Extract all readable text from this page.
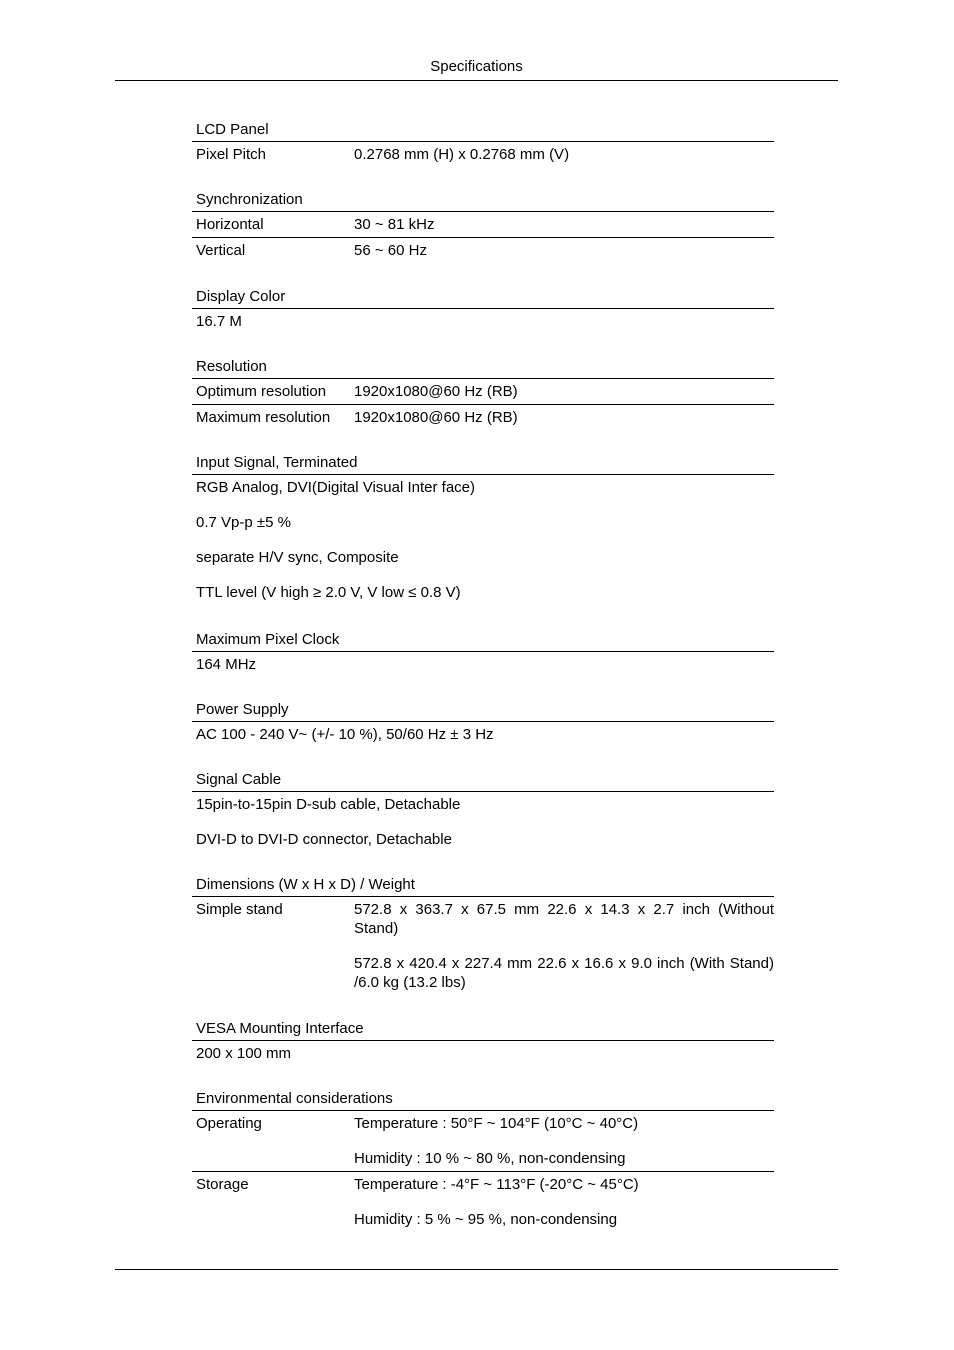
Specifications
LCD Panel
Pixel Pitch	0.2768 mm (H) x 0.2768 mm (V)
Synchronization
Horizontal	30 ~ 81 kHz
Vertical	56 ~ 60 Hz
Display Color
16.7 M
Resolution
Optimum resolution	1920x1080@60 Hz (RB)
Maximum resolution	1920x1080@60 Hz (RB)
Input Signal, Terminated
RGB Analog, DVI(Digital Visual Inter face)
0.7 Vp-p ±5 %
separate H/V sync, Composite
TTL level (V high ≥ 2.0 V, V low ≤ 0.8 V)
Maximum Pixel Clock
164 MHz
Power Supply
AC 100 - 240 V~ (+/- 10 %), 50/60 Hz ± 3 Hz
Signal Cable
15pin-to-15pin D-sub cable, Detachable
DVI-D to DVI-D connector, Detachable
Dimensions (W x H x D) / Weight
Simple stand	572.8 x 363.7 x 67.5 mm 22.6 x 14.3 x 2.7 inch (Without Stand)
572.8 x 420.4 x 227.4 mm 22.6 x 16.6 x 9.0 inch (With Stand) /6.0 kg (13.2 lbs)
VESA Mounting Interface
200 x 100 mm
Environmental considerations
Operating	Temperature : 50°F ~ 104°F (10°C ~ 40°C)
Humidity : 10 % ~ 80 %, non-condensing
Storage	Temperature : -4°F ~ 113°F (-20°C ~ 45°C)
Humidity : 5 % ~ 95 %, non-condensing
